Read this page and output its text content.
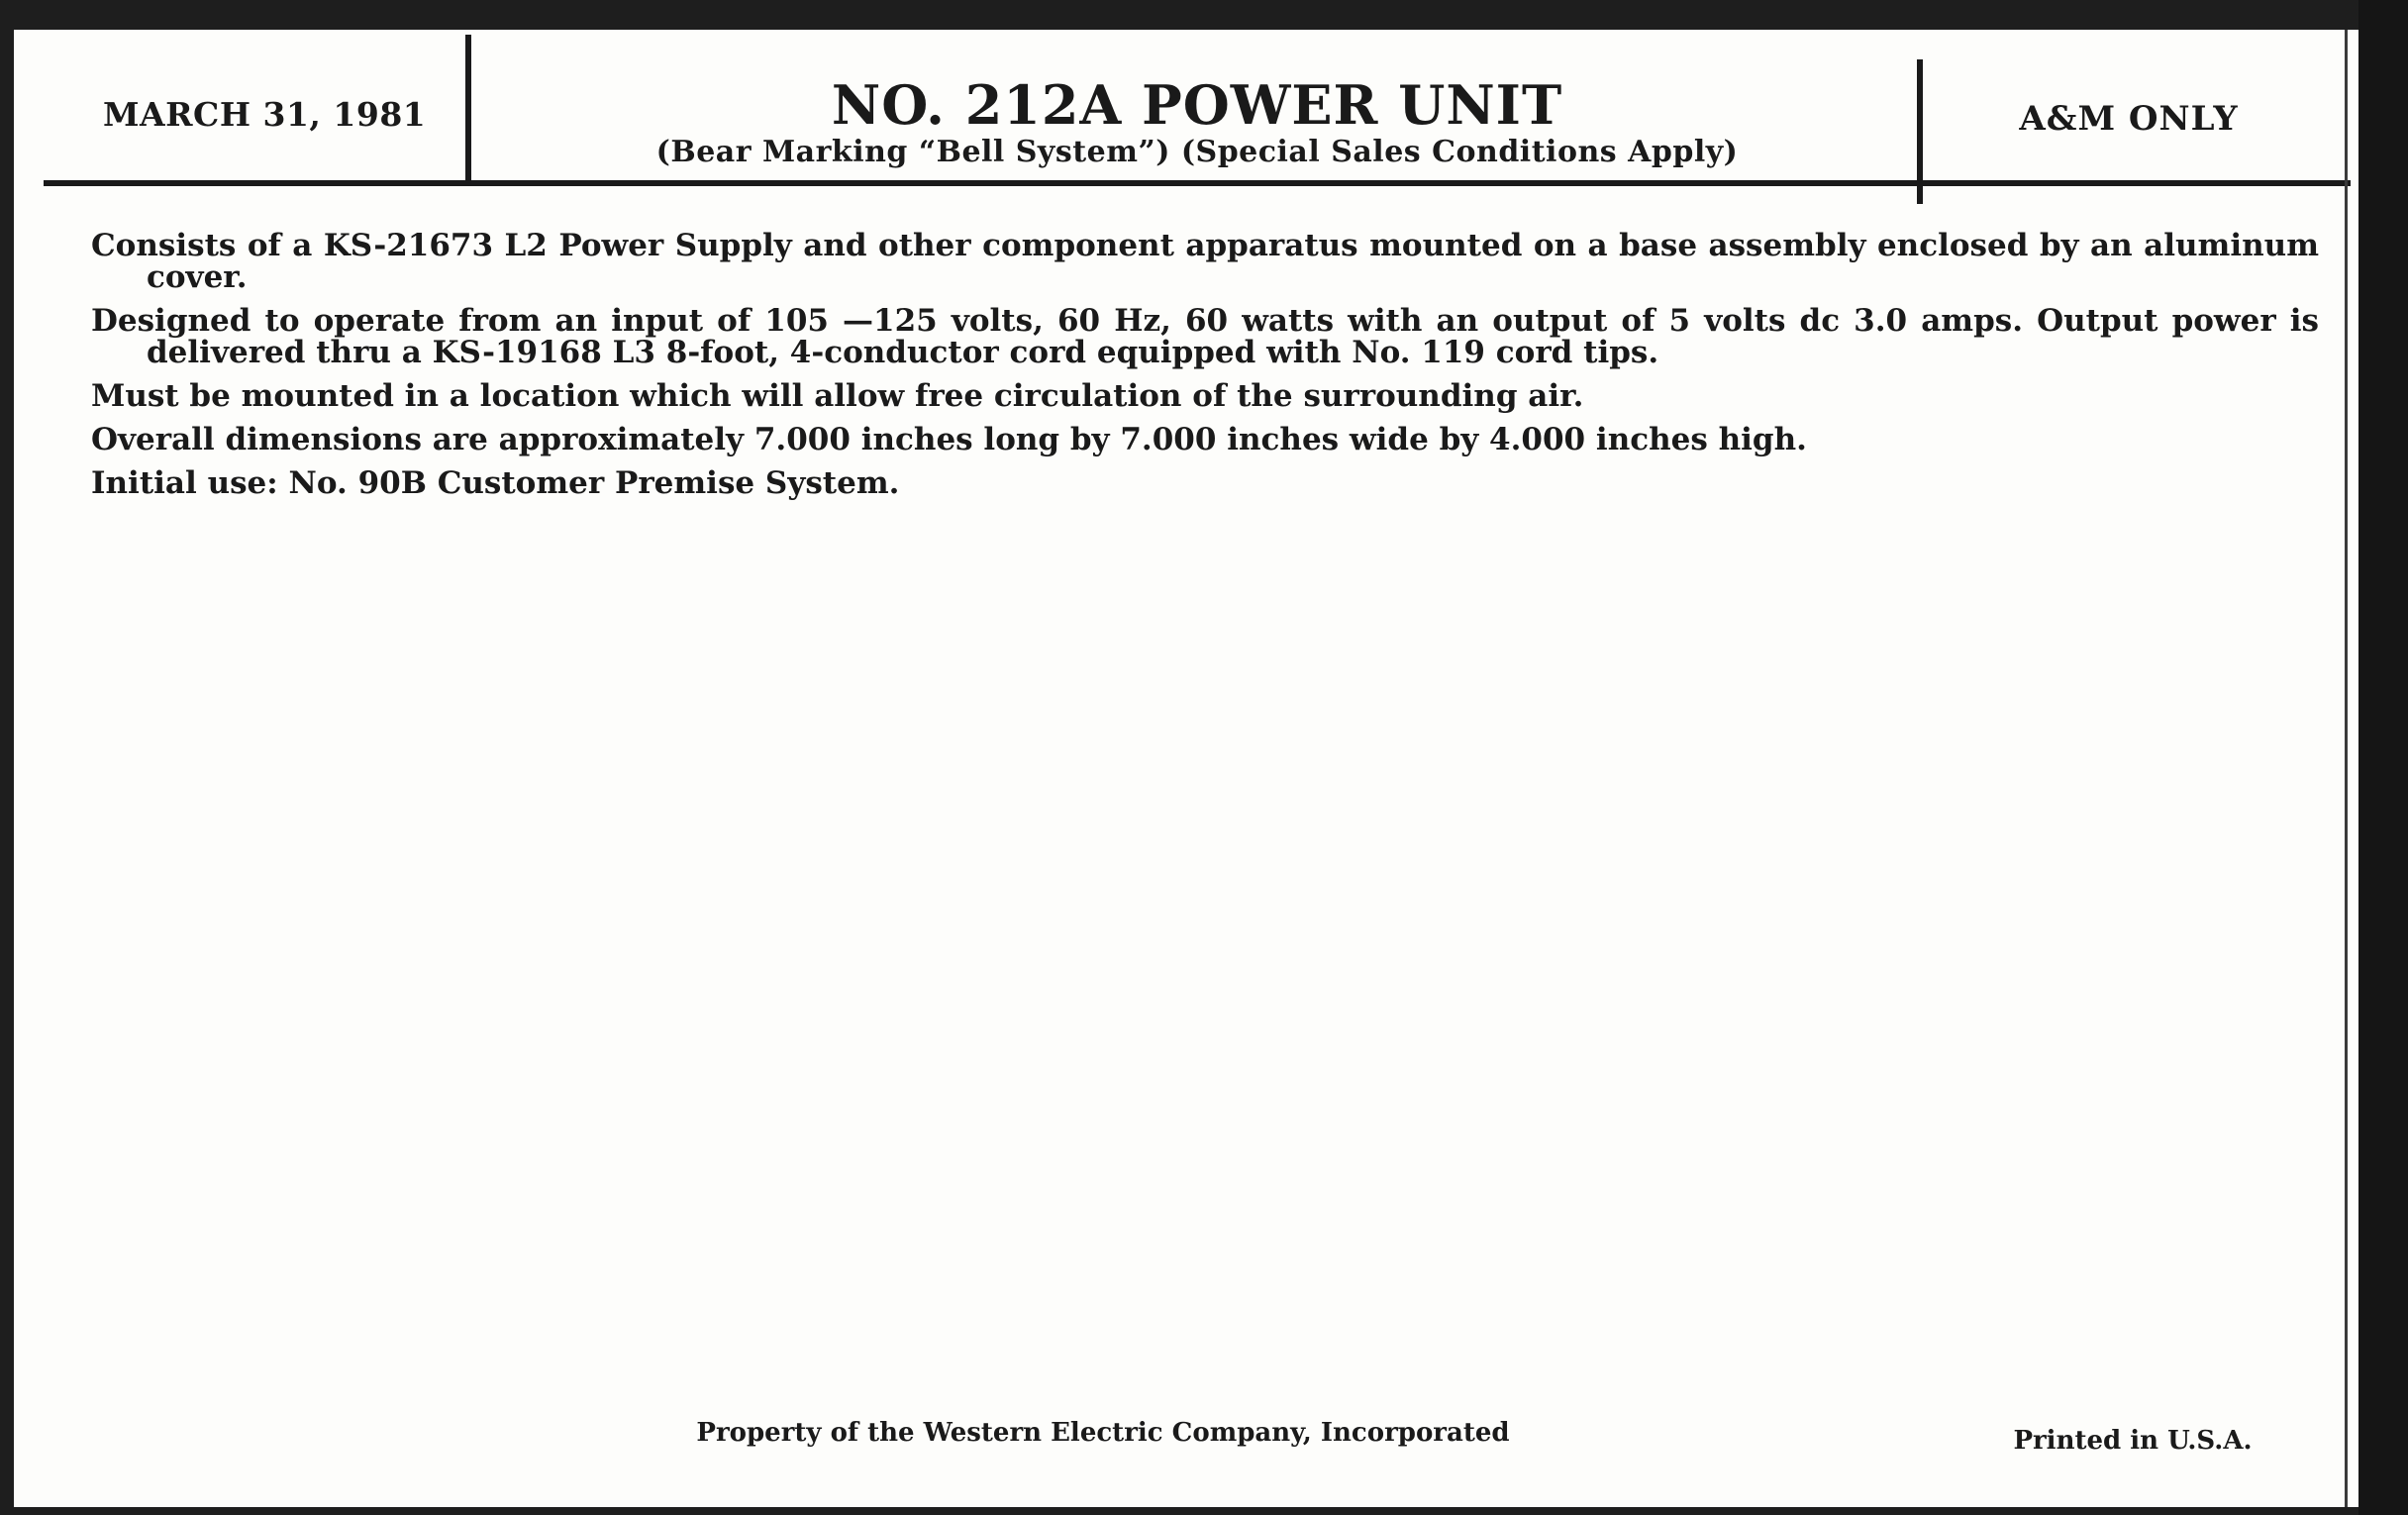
MARCH 31, 1981	NO. 212A POWER UNIT
(Bear Marking “Bell System”) (Special Sales Conditions Apply)
A&M ONLY

Consists of a KS-21673 L2 Power Supply and other component apparatus mounted on a base assembly enclosed by an aluminum cover.

Designed to operate from an input of 105 —125 volts, 60 Hz, 60 watts with an output of 5 volts dc 3.0 amps. Output power is delivered thru a KS-19168 L3 8-foot, 4-conductor cord equipped with No. 119 cord tips.

Must be mounted in a location which will allow free circulation of the surrounding air.

Overall dimensions are approximately 7.000 inches long by 7.000 inches wide by 4.000 inches high.

Initial use: No. 90B Customer Premise System.

Property of the Western Electric Company, Incorporated	Printed in U.S.A.
